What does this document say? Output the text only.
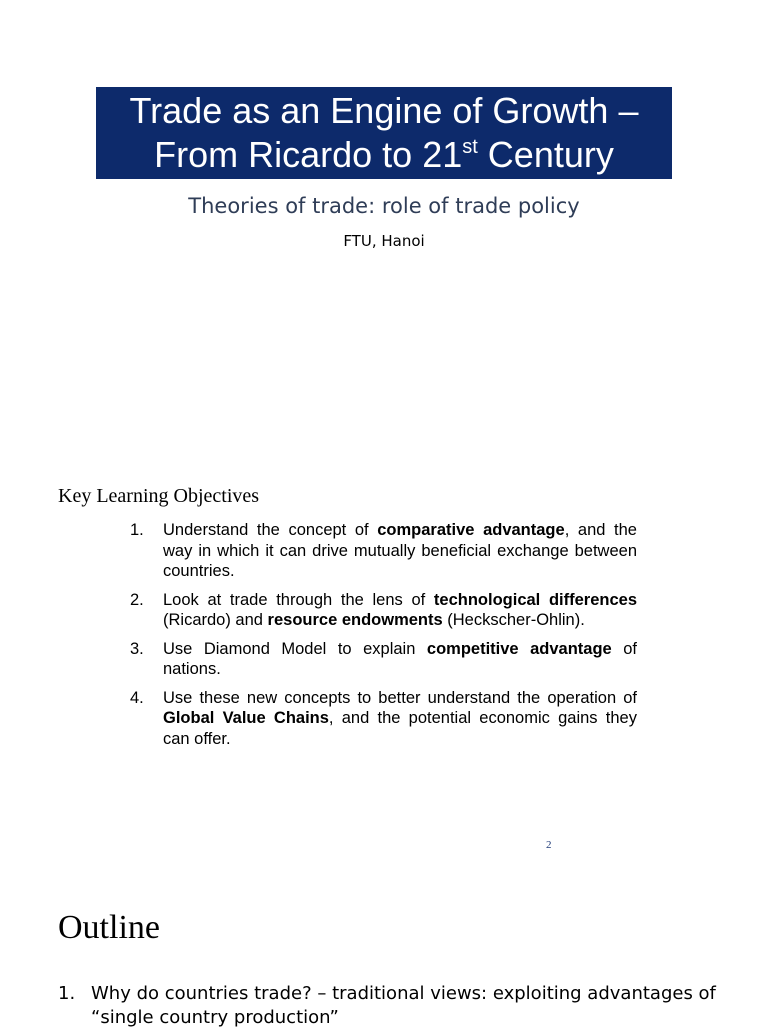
Trade as an Engine of Growth –
From Ricardo to 21st Century
Theories of trade: role of trade policy
FTU, Hanoi
Key Learning Objectives
1.	Understand the concept of comparative advantage, and the way in which it can drive mutually beneficial exchange between countries.
2.	Look at trade through the lens of technological differences (Ricardo) and resource endowments (Heckscher-Ohlin).
3.	Use Diamond Model to explain competitive advantage of nations.
4.	Use these new concepts to better understand the operation of Global Value Chains, and the potential economic gains they can offer.
2
Outline
1. Why do countries trade? – traditional views: exploiting advantages of “single country production”
